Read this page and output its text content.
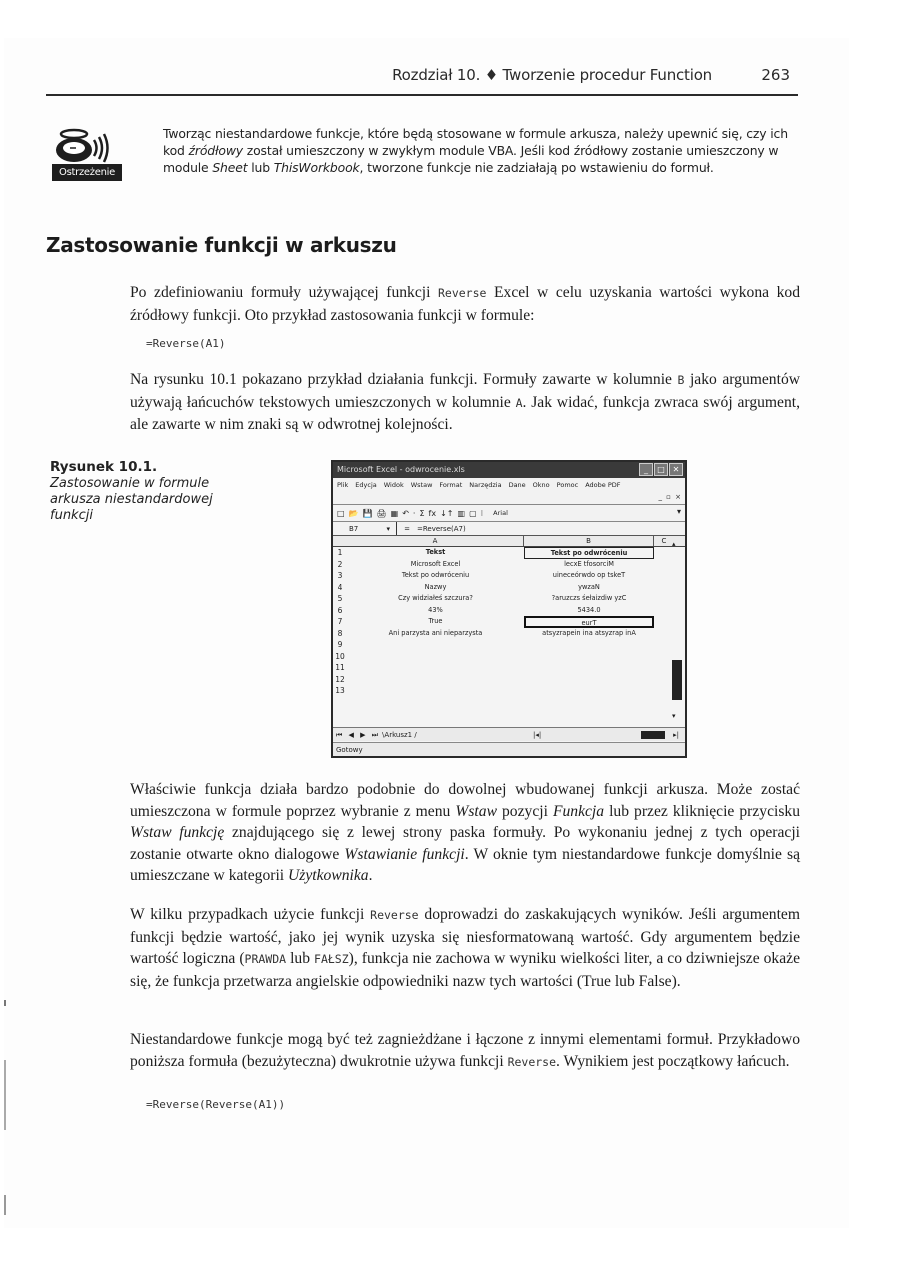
Rozdział 10. ♦ Tworzenie procedur Function	263
Ostrzeżenie
Tworząc niestandardowe funkcje, które będą stosowane w formule arkusza, należy upewnić się, czy ich kod źródłowy został umieszczony w zwykłym module VBA. Jeśli kod źródłowy zostanie umieszczony w module Sheet lub ThisWorkbook, tworzone funkcje nie zadziałają po wstawieniu do formuł.
Zastosowanie funkcji w arkuszu

Po zdefiniowaniu formuły używającej funkcji Reverse Excel w celu uzyskania wartości wykona kod źródłowy funkcji. Oto przykład zastosowania funkcji w formule:

=Reverse(A1)

Na rysunku 10.1 pokazano przykład działania funkcji. Formuły zawarte w kolumnie B jako argumentów używają łańcuchów tekstowych umieszczonych w kolumnie A. Jak widać, funkcja zwraca swój argument, ale zawarte w nim znaki są w odwrotnej kolejności.

Rysunek 10.1.
Zastosowanie w formule arkusza niestandardowej funkcji
Microsoft Excel - odwrocenie.xls	_	□ ✕
Plik Edycja Widok Wstaw Format Narzędzia Dane Okno Pomoc Adobe PDF
_ ▫ ×
□ 📂 💾 🖨 ▦ ↶ · Σ fx ↓↑ ▥ ▢ ⁝ Arial	▾
B7	▾	=	=Reverse(A7)
A	B	C
1	Tekst	Tekst po odwróceniu
2	Microsoft Excel	lecxE tfosorciM
3	Tekst po odwróceniu	uineceórwdo op tskeT
4	Nazwy	ywzaN
5	Czy widziałeś szczura?	?aruzczs śełaizdiw yzC
6	43%	5434.0
7	True	eurT
8	Ani parzysta ani nieparzysta	atsyzrapein ina atsyzrap inA
9
10
11
12
13
▴
▾
⏮ ◀ ▶ ⏭ \Arkusz1 /	|◂|	▸|
Gotowy

Właściwie funkcja działa bardzo podobnie do dowolnej wbudowanej funkcji arkusza. Może zostać umieszczona w formule poprzez wybranie z menu Wstaw pozycji Funkcja lub przez kliknięcie przycisku Wstaw funkcję znajdującego się z lewej strony paska formuły. Po wykonaniu jednej z tych operacji zostanie otwarte okno dialogowe Wstawianie funkcji. W oknie tym niestandardowe funkcje domyślnie są umieszczane w kategorii Użytkownika.

W kilku przypadkach użycie funkcji Reverse doprowadzi do zaskakujących wyników. Jeśli argumentem funkcji będzie wartość, jako jej wynik uzyska się niesformatowaną wartość. Gdy argumentem będzie wartość logiczna (PRAWDA lub FAŁSZ), funkcja nie zachowa w wyniku wielkości liter, a co dziwniejsze okaże się, że funkcja przetwarza angielskie odpowiedniki nazw tych wartości (True lub False).

Niestandardowe funkcje mogą być też zagnieżdżane i łączone z innymi elementami formuł. Przykładowo poniższa formuła (bezużyteczna) dwukrotnie używa funkcji Reverse. Wynikiem jest początkowy łańcuch.

=Reverse(Reverse(A1))
